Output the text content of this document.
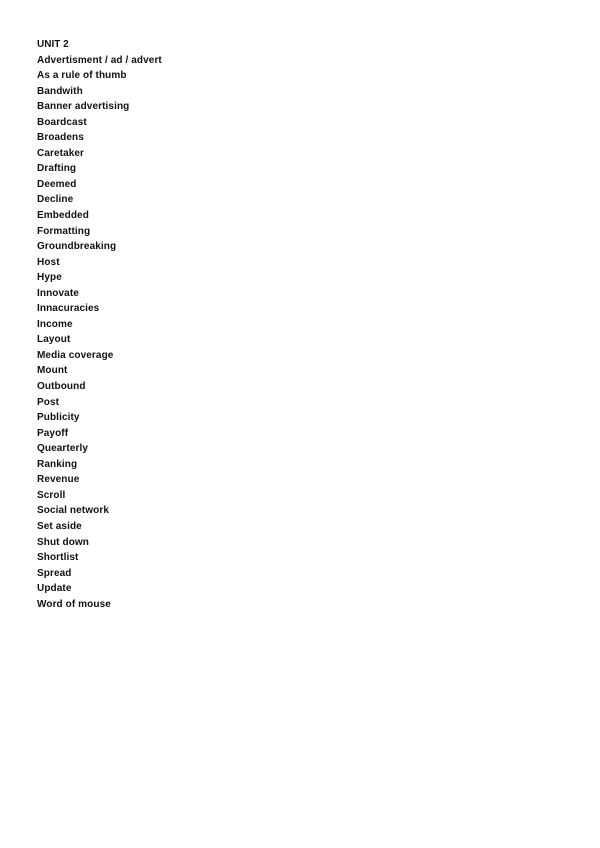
UNIT 2
Advertisment / ad / advert
As a rule of thumb
Bandwith
Banner advertising
Boardcast
Broadens
Caretaker
Drafting
Deemed
Decline
Embedded
Formatting
Groundbreaking
Host
Hype
Innovate
Innacuracies
Income
Layout
Media coverage
Mount
Outbound
Post
Publicity
Payoff
Quearterly
Ranking
Revenue
Scroll
Social network
Set aside
Shut down
Shortlist
Spread
Update
Word of mouse
